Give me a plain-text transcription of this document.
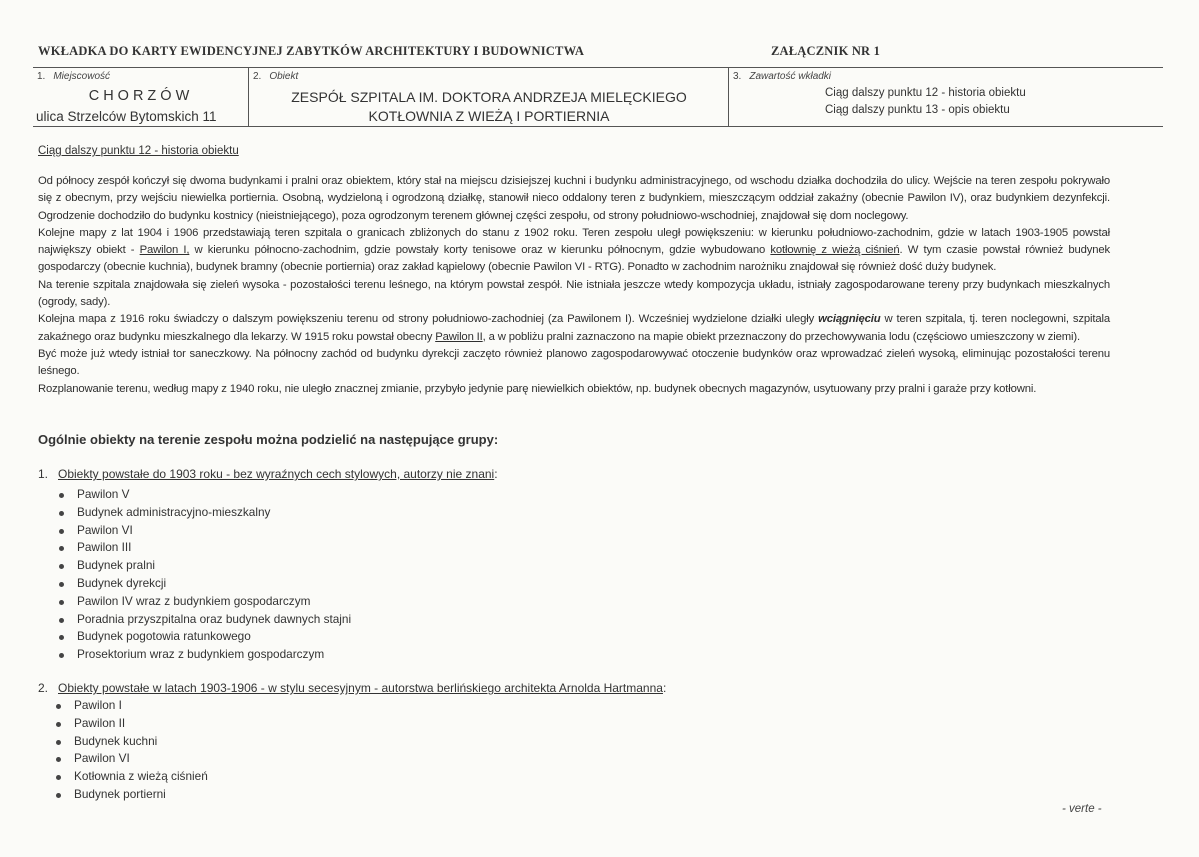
WKŁADKA DO KARTY EWIDENCYJNEJ ZABYTKÓW ARCHITEKTURY I BUDOWNICTWA	ZAŁĄCZNIK NR 1
1. Miejscowość
CHORZÓW
ulica Strzelców Bytomskich 11
2. Obiekt
ZESPÓŁ SZPITALA IM. DOKTORA ANDRZEJA MIELĘCKIEGO
KOTŁOWNIA Z WIEŻĄ I PORTIERNIA
3. Zawartość wkładki
Ciąg dalszy punktu 12 - historia obiektu
Ciąg dalszy punktu 13 - opis obiektu
Ciąg dalszy punktu 12 - historia obiektu

Od północy zespół kończył się dwoma budynkami i pralni oraz obiektem, który stał na miejscu dzisiejszej kuchni i budynku administracyjnego, od wschodu działka dochodziła do ulicy. Wejście na teren zespołu pokrywało się z obecnym, przy wejściu niewielka portiernia. Osobną, wydzieloną i ogrodzoną działkę, stanowił nieco oddalony teren z budynkiem, mieszczącym oddział zakaźny (obecnie Pawilon IV), oraz budynkiem dezynfekcji. Ogrodzenie dochodziło do budynku kostnicy (nieistniejącego), poza ogrodzonym terenem głównej części zespołu, od strony południowo-wschodniej, znajdował się dom noclegowy.

Kolejne mapy z lat 1904 i 1906 przedstawiają teren szpitala o granicach zbliżonych do stanu z 1902 roku. Teren zespołu uległ powiększeniu: w kierunku południowo-zachodnim, gdzie w latach 1903-1905 powstał największy obiekt - Pawilon I, w kierunku północno-zachodnim, gdzie powstały korty tenisowe oraz w kierunku północnym, gdzie wybudowano kotłownię z wieżą ciśnień. W tym czasie powstał również budynek gospodarczy (obecnie kuchnia), budynek bramny (obecnie portiernia) oraz zakład kąpielowy (obecnie Pawilon VI - RTG). Ponadto w zachodnim narożniku znajdował się również dość duży budynek.

Na terenie szpitala znajdowała się zieleń wysoka - pozostałości terenu leśnego, na którym powstał zespół. Nie istniała jeszcze wtedy kompozycja układu, istniały zagospodarowane tereny przy budynkach mieszkalnych (ogrody, sady).

Kolejna mapa z 1916 roku świadczy o dalszym powiększeniu terenu od strony południowo-zachodniej (za Pawilonem I). Wcześniej wydzielone działki uległy wciągnięciu w teren szpitala, tj. teren noclegowni, szpitala zakaźnego oraz budynku mieszkalnego dla lekarzy. W 1915 roku powstał obecny Pawilon II, a w pobliżu pralni zaznaczono na mapie obiekt przeznaczony do przechowywania lodu (częściowo umieszczony w ziemi).

Być może już wtedy istniał tor saneczkowy. Na północny zachód od budynku dyrekcji zaczęto również planowo zagospodarowywać otoczenie budynków oraz wprowadzać zieleń wysoką, eliminując pozostałości terenu leśnego.

Rozplanowanie terenu, według mapy z 1940 roku, nie uległo znacznej zmianie, przybyło jedynie parę niewielkich obiektów, np. budynek obecnych magazynów, usytuowany przy pralni i garaże przy kotłowni.

Ogólnie obiekty na terenie zespołu można podzielić na następujące grupy:
1. Obiekty powstałe do 1903 roku - bez wyraźnych cech stylowych, autorzy nie znani:
Pawilon V
Budynek administracyjno-mieszkalny
Pawilon VI
Pawilon III
Budynek pralni
Budynek dyrekcji
Pawilon IV wraz z budynkiem gospodarczym
Poradnia przyszpitalna oraz budynek dawnych stajni
Budynek pogotowia ratunkowego
Prosektorium wraz z budynkiem gospodarczym
2. Obiekty powstałe w latach 1903-1906 - w stylu secesyjnym - autorstwa berlińskiego architekta Arnolda Hartmanna:
Pawilon I
Pawilon II
Budynek kuchni
Pawilon VI
Kotłownia z wieżą ciśnień
Budynek portierni
- verte -
